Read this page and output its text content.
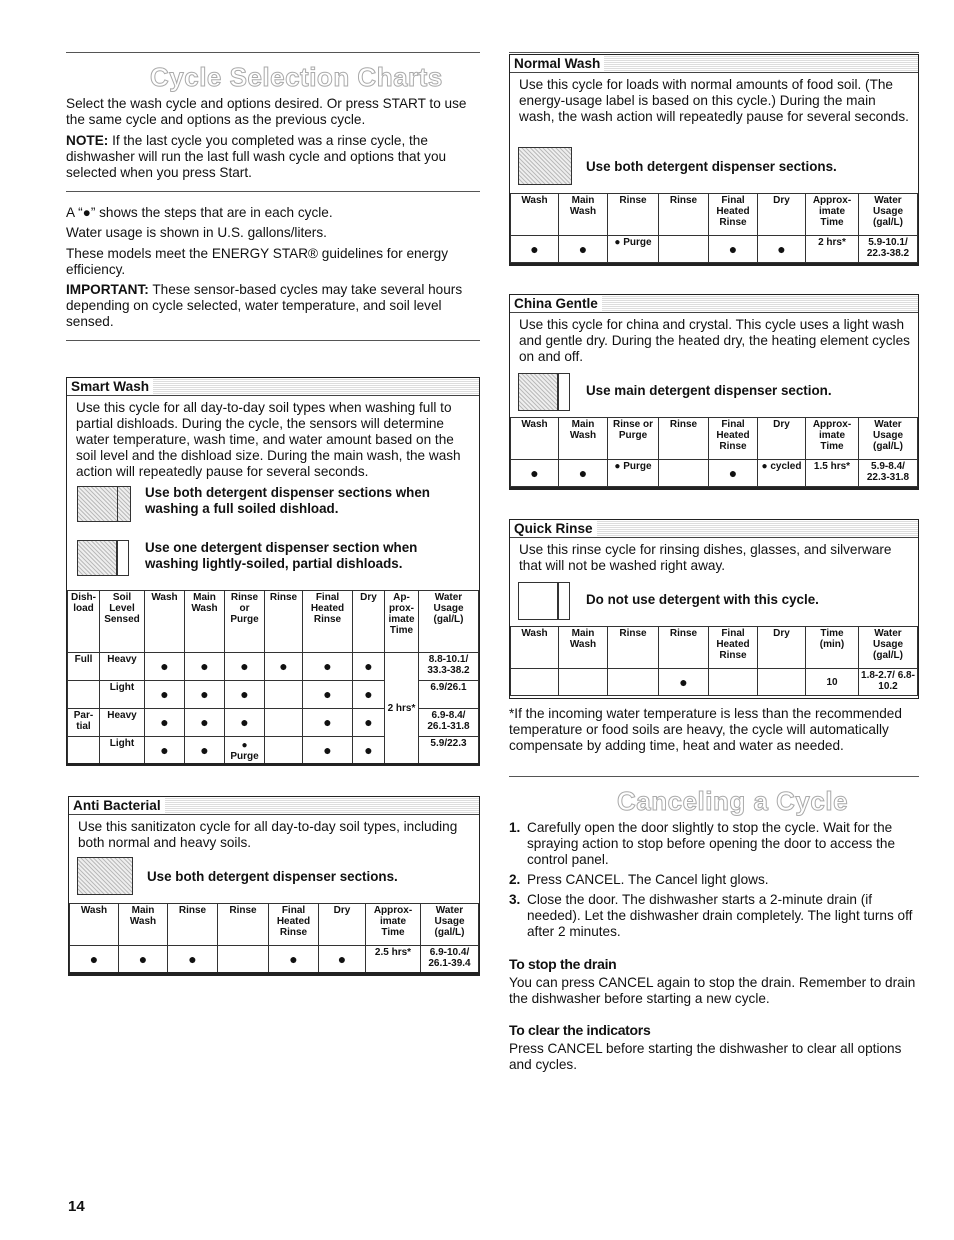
Cycle Selection Charts

Select the wash cycle and options desired. Or press START to use the same cycle and options as the previous cycle.

NOTE: If the last cycle you completed was a rinse cycle, the dishwasher will run the last full wash cycle and options that you selected when you press Start.

A “●” shows the steps that are in each cycle.

Water usage is shown in U.S. gallons/liters.

These models meet the ENERGY STAR® guidelines for energy efficiency.

IMPORTANT: These sensor-based cycles may take several hours depending on cycle selected, water temperature, and soil level sensed.

Smart Wash
Use this cycle for all day-to-day soil types when washing full to partial dishloads. During the cycle, the sensors will determine water temperature, wash time, and water amount based on the soil level and the dishload size. During the main wash, the wash action will repeatedly pause for several seconds.
Use both detergent dispenser sections when washing a full soiled dishload.
Use one detergent dispenser section when washing lightly-soiled, partial dishloads.
Dish-load	Soil Level Sensed	Wash	Main Wash	Rinse or Purge	Rinse	Final Heated Rinse	Dry	Ap-prox-imate Time	Water Usage (gal/L)
Full	Heavy	●	●	●	●	●	●	2 hrs*	8.8-10.1/ 33.3-38.2
	Light	●	●	●		●	●		6.9/26.1
Par-tial	Heavy	●	●	●		●	●		6.9-8.4/ 26.1-31.8
	Light	●	●	● Purge		●	●		5.9/22.3
Anti Bacterial
Use this sanitizaton cycle for all day-to-day soil types, including both normal and heavy soils.
Use both detergent dispenser sections.
Wash	Main Wash	Rinse	Rinse	Final Heated Rinse	Dry	Approx-imate Time	Water Usage (gal/L)
●	●	●		●	●	2.5 hrs*	6.9-10.4/ 26.1-39.4
Normal Wash
Use this cycle for loads with normal amounts of food soil. (The energy-usage label is based on this cycle.) During the main wash, the wash action will repeatedly pause for several seconds.
Use both detergent dispenser sections.
Wash	Main Wash	Rinse	Rinse	Final Heated Rinse	Dry	Approx-imate Time	Water Usage (gal/L)
●	●	● Purge		●	●	2 hrs*	5.9-10.1/ 22.3-38.2
China Gentle
Use this cycle for china and crystal. This cycle uses a light wash and gentle dry. During the heated dry, the heating element cycles on and off.
Use main detergent dispenser section.
Wash	Main Wash	Rinse or Purge	Rinse	Final Heated Rinse	Dry	Approx-imate Time	Water Usage (gal/L)
●	●	● Purge		●	● cycled	1.5 hrs*	5.9-8.4/ 22.3-31.8
Quick Rinse
Use this rinse cycle for rinsing dishes, glasses, and silverware that will not be washed right away.
Do not use detergent with this cycle.
Wash	Main Wash	Rinse	Rinse	Final Heated Rinse	Dry	Time (min)	Water Usage (gal/L)
			●			10	1.8-2.7/ 6.8-10.2

*If the incoming water temperature is less than the recommended temperature or food soils are heavy, the cycle will automatically compensate by adding time, heat and water as needed.

Canceling a Cycle
1. Carefully open the door slightly to stop the cycle. Wait for the spraying action to stop before opening the door to access the control panel.
2. Press CANCEL. The Cancel light glows.
3. Close the door. The dishwasher starts a 2-minute drain (if needed). Let the dishwasher drain completely. The light turns off after 2 minutes.
To stop the drain

You can press CANCEL again to stop the drain. Remember to drain the dishwasher before starting a new cycle.

To clear the indicators

Press CANCEL before starting the dishwasher to clear all options and cycles.

14
